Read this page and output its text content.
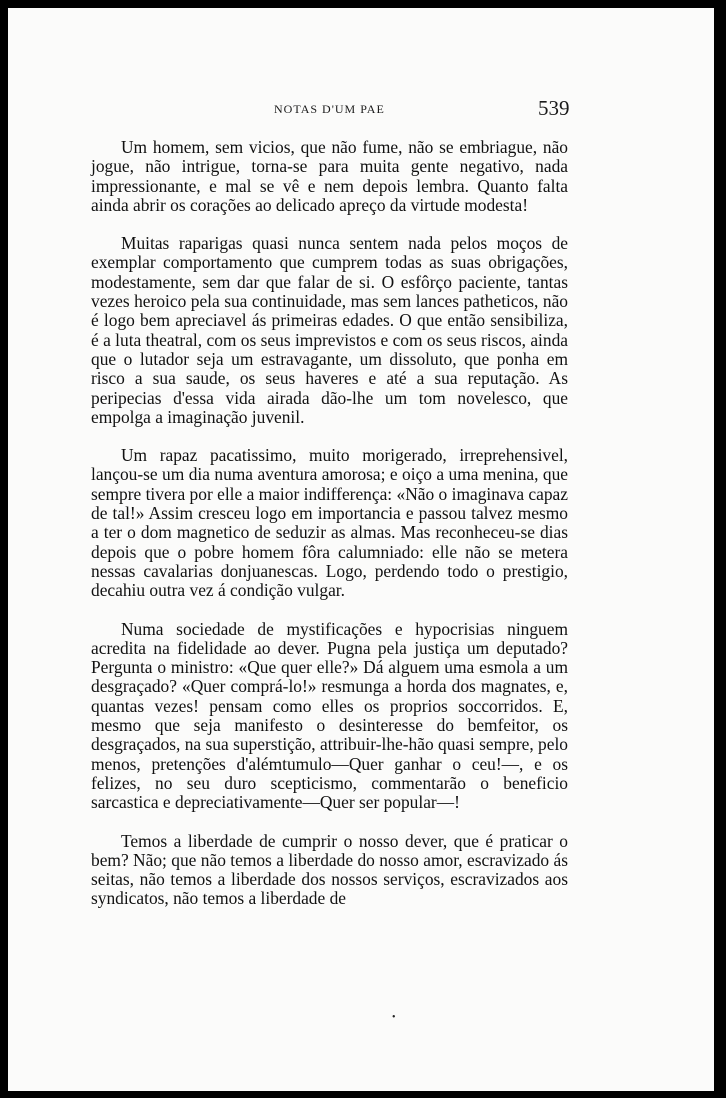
NOTAS D'UM PAE	539

Um homem, sem vicios, que não fume, não se embriague, não jogue, não intrigue, torna-se para muita gente negativo, nada impressionante, e mal se vê e nem depois lembra. Quanto falta ainda abrir os corações ao delicado apreço da virtude modesta!

Muitas raparigas quasi nunca sentem nada pelos moços de exemplar comportamento que cumprem todas as suas obrigações, modestamente, sem dar que falar de si. O esfôrço paciente, tantas vezes heroico pela sua continuidade, mas sem lances patheticos, não é logo bem apreciavel ás primeiras edades. O que então sensibiliza, é a luta theatral, com os seus imprevistos e com os seus riscos, ainda que o lutador seja um estravagante, um dissoluto, que ponha em risco a sua saude, os seus haveres e até a sua reputação. As peripecias d'essa vida airada dão-lhe um tom novelesco, que empolga a imaginação juvenil.

Um rapaz pacatissimo, muito morigerado, irreprehensivel, lançou-se um dia numa aventura amorosa; e oiço a uma menina, que sempre tivera por elle a maior indifferença: «Não o imaginava capaz de tal!» Assim cresceu logo em importancia e passou talvez mesmo a ter o dom magnetico de seduzir as almas. Mas reconheceu-se dias depois que o pobre homem fôra calumniado: elle não se metera nessas cavalarias donjuanescas. Logo, perdendo todo o prestigio, decahiu outra vez á condição vulgar.

Numa sociedade de mystificações e hypocrisias ninguem acredita na fidelidade ao dever. Pugna pela justiça um deputado? Pergunta o ministro: «Que quer elle?» Dá alguem uma esmola a um desgraçado? «Quer comprá-lo!» resmunga a horda dos magnates, e, quantas vezes! pensam como elles os proprios soccorridos. E, mesmo que seja manifesto o desinteresse do bemfeitor, os desgraçados, na sua superstição, attribuir-lhe-hão quasi sempre, pelo menos, pretenções d'alémtumulo—Quer ganhar o ceu!—, e os felizes, no seu duro scepticismo, commentarão o beneficio sarcastica e depreciativamente—Quer ser popular—!

Temos a liberdade de cumprir o nosso dever, que é praticar o bem? Não; que não temos a liberdade do nosso amor, escravizado ás seitas, não temos a liberdade dos nossos serviços, escravizados aos syndicatos, não temos a liberdade de

•
